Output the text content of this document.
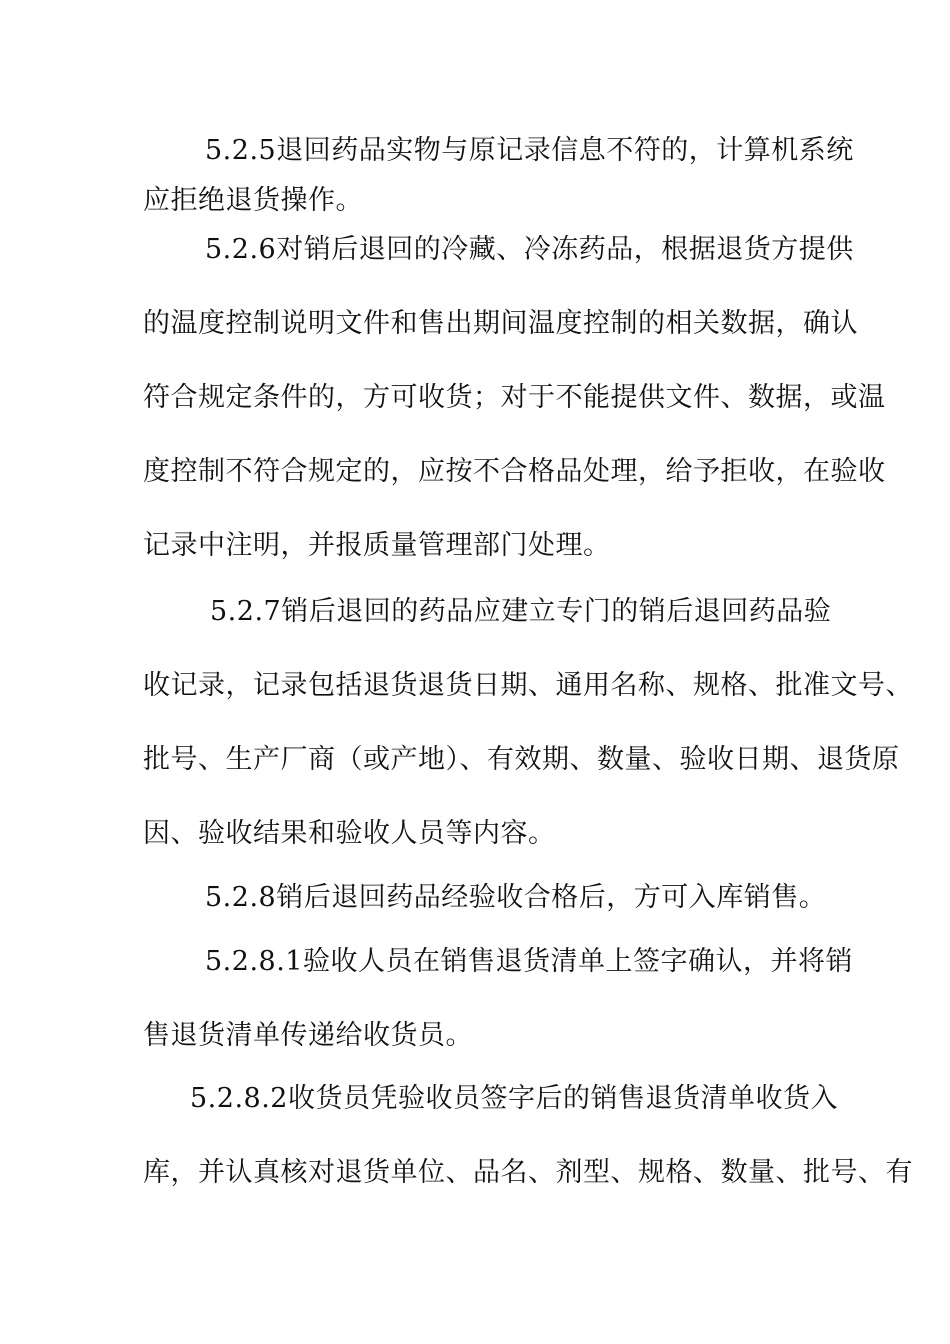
5.2.5退回药品实物与原记录信息不符的，计算机系统
应拒绝退货操作。
5.2.6对销后退回的冷藏、冷冻药品，根据退货方提供
的温度控制说明文件和售出期间温度控制的相关数据，确认
符合规定条件的，方可收货；对于不能提供文件、数据，或温
度控制不符合规定的，应按不合格品处理，给予拒收，在验收
记录中注明，并报质量管理部门处理。
5.2.7销后退回的药品应建立专门的销后退回药品验
收记录，记录包括退货退货日期、通用名称、规格、批准文号、
批号、生产厂商（或产地）、有效期、数量、验收日期、退货原
因、验收结果和验收人员等内容。
5.2.8销后退回药品经验收合格后，方可入库销售。
5.2.8.1验收人员在销售退货清单上签字确认，并将销
售退货清单传递给收货员。
5.2.8.2收货员凭验收员签字后的销售退货清单收货入
库，并认真核对退货单位、品名、剂型、规格、数量、批号、有
